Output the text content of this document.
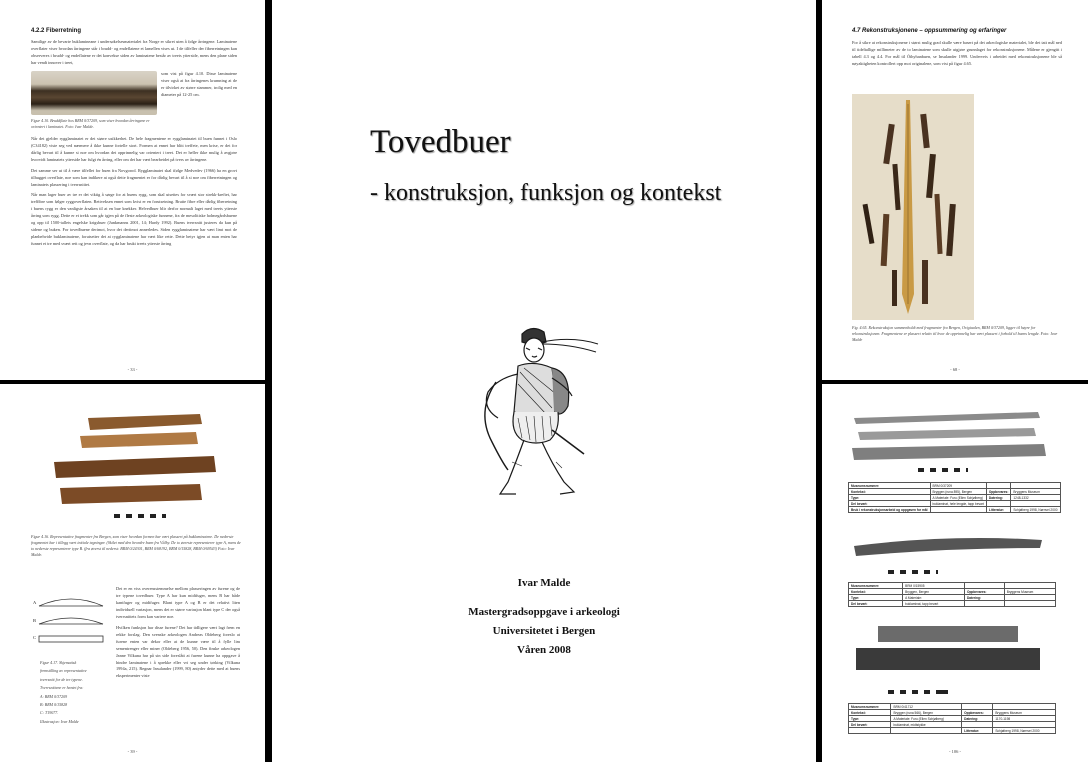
4.2.2 Fiberretning

Samtlige av de bevarte buklamineane i undersøkelsesmaterialet fra Norge er sikret uten å følge årringene. Laminatene overflater viser hvordan årringene står i brudd- og endeflatene et lamellen vises ut. I de tilfeller der fiberretningen kan observeres i brudd- og endeflatene er det konvekse siden av laminatene består av treets ytterside, mens den plane siden har vendt innover i treet,

som vist på figur 4.10. Disse laminatene viser også at fra årringenes krumning at de er tilvirket av større stammer, trolig med en diameter på 12-25 cm.

Figur 4.10. Bruddflate hos BRM 0/37209, som viser hvordan årringene er orientert i laminatet. Foto: Ivar Malde.

Når det gjelder rygglaminatet er det større usikkerhet. De hele fragmentene er rygglaminatet til buen funnet i Oslo (C34182) viste seg ved nærmere å ikke kunne fortelle stort. Formen at ennet har blitt treffete, men krise, er det for dårlig bevart til å kunne si noe om hvordan det opprinnelig var orientert i treet. Det er heller ikke mulig å avgjøre hvorvidt laminatets ytterside har fulgt én årring, eller om det har vært bearbeidet på tvers av årringene.

Det samme ser ut til å være tilfellet for buen fra Novgorod. Rygglaminatet skal ifølge Medvedev (1966) ha en grovt tilhugget overflate, noe som kan indikere at også dette fragmentet er for dårlig bevart til å si noe om fiberretningen og laminatets plassering i tverrsnittet.

Når man lager buer av tre er det viktig å sørge for at buens rygg, som skal utsettes for svært stor strekk-kreftet, har treffibre som følger ryggoverflaten. Rettveksen ennet som kvist er en forutsetning. Brutte fibre eller dårlig fiberretning i buens rygg er den vanligste årsaken til at en bue knekker. Helvedbuer blir derfor normalt laget med treets ytterste årring som rygg. Dette er et trekk som går igjen på de fleste arkeologiske funnene, fra de mesolitiske holmegårdsbuene og opp til 1500-tallets engelske krigsbuer (Junkmanns 2001, 14; Hardy 1992). Buens tverrsnitt justeres da kun på sidene og buken. For tovedbuene derimot, hvor det dertimot annerledes. Siden rygglaminatene har vært limt mot de planbehvide buklaminatene, forutsetter det at rygglaminatene har vært like rette. Dette betyr igjen at man enten har funnet et tre med svært rett og jevn overflate, og da har brukt treets ytterste årring

- 33 -
Figur 4.16. Representative fragmenter fra Bergen, som viser hvordan formen har vært plassert på buklaminatene. De nederste fragmentet har i tillegg vært initiale tegninger. (Skilet med den beordre buen fra Vålby. De to øverste representerer type A, mens de to nederste representerer type B. (fra øverst til nederst: BRM 0/24301, BRM 0/68192, BRM 0/15828, BRM 0/69543) Foto: Ivar Malde.
A
B
C
Figur 4.17. Skjematisk
fremstilling av representative
tverrsnitt for de tre typene.
Tverrsnittene er hentet fra:
A: BRM 0/37209
B: BRM 0/15828
C: T19077.
Illustrasjon: Ivar Malde

Det er en viss overensstemmelse mellom plasseringen av furene og de tre typene tovedbuer. Type A har kun midtfuger, mens B har både kantfuger og midtfuger. Blant type A og B er det relativt liten individuell variasjon, mens det er større variasjon blant type C der også tverrsnittets form kan variere noe.

Hvilken funksjon har disse furene? Det har tidligere vært lagt frem en rekke forslag. Den svenske arkeologen Andreas Oldeberg foreslo at furene enten var dekor eller at de kunne være til å fylle lim sementrenger eller miner (Oldeberg 1956, 50). Den finske arkeologen Janne Vilkuna har på sin side foreslått at furene kunne ha oppgave å hindre laminatene i å sprekke eller vri seg under tørking (Vilkuna 1994a, 215). Regnar Insulander (1999, 80) antyder dette med at buens eksperimenter viste

- 39 -
Tovedbuer
- konstruksjon, funksjon og kontekst
Ivar Malde
Mastergradsoppgave i arkeologi
Universitetet i Bergen
Våren 2008
4.7 Rekonstruksjonene – oppsummering og erfaringer

For å sikre at rekonstruksjonene i størst mulig grad skulle være basert på det arkeologiske materialet, ble det tatt mål ned til tideltallige millimeter av de to laminatene som skulle utgjøre grunnlaget for rekonstruksjonene. Målene er gjengitt i tabell 4.3 og 4.4. For mål til Öthyhanbuen, se Insulander 1999. Underveis i arbeidet med rekonstruksjonene ble så nøyaktigheten kontrollert opp mot originalene, som vist på figur 4.65.

Fig. 4.65. Rekonstruksjon sammenholdt med fragmenter fra Bergen, Origiaalen, BRM 0/37209, ligger til høyre for rekonstruksjonen. Fragmentene er plassert relativ til hvor de opprinnelig har vært plassert i forhold til buens lengde. Foto: Ivar Malde
- 68 -
Museumsnummer:	BRM 0/37209		
Kontekst:	Bryggen (runa 895), Bergen	Oppbevares:	Bryggens Museum
Type:	A Materiale: Furu (Ellen Schjølberg)	Datering:	1248-1332
Del bevart:	buklaminat, hele lengde, tapp bevart		
Bruk i rekonstruksjonsarbeid og oppgaven for mål		Litteratur:	Schjølberg 1998, Nørnvei 2000
Museumsnummer:	BRM 0/15905		
Kontekst:	Bryggen, Bergen	Oppbevares:	Bryggens Museum
Type:	A Materiale:	Datering:	
Del bevart:	buklaminat, tapp bevart		
Museumsnummer:	BRM 0/41712		
Kontekst:	Bryggen (runa 566), Bergen	Oppbevares:	Bryggens Museum
Type:	A Materiale: Furu (Ellen Schjølberg)	Datering:	1170-1198
Del bevart:	buklaminat, midtstykke		
		Litteratur:	Schjølberg 1998, Nørnvei 2000
- 106 -
